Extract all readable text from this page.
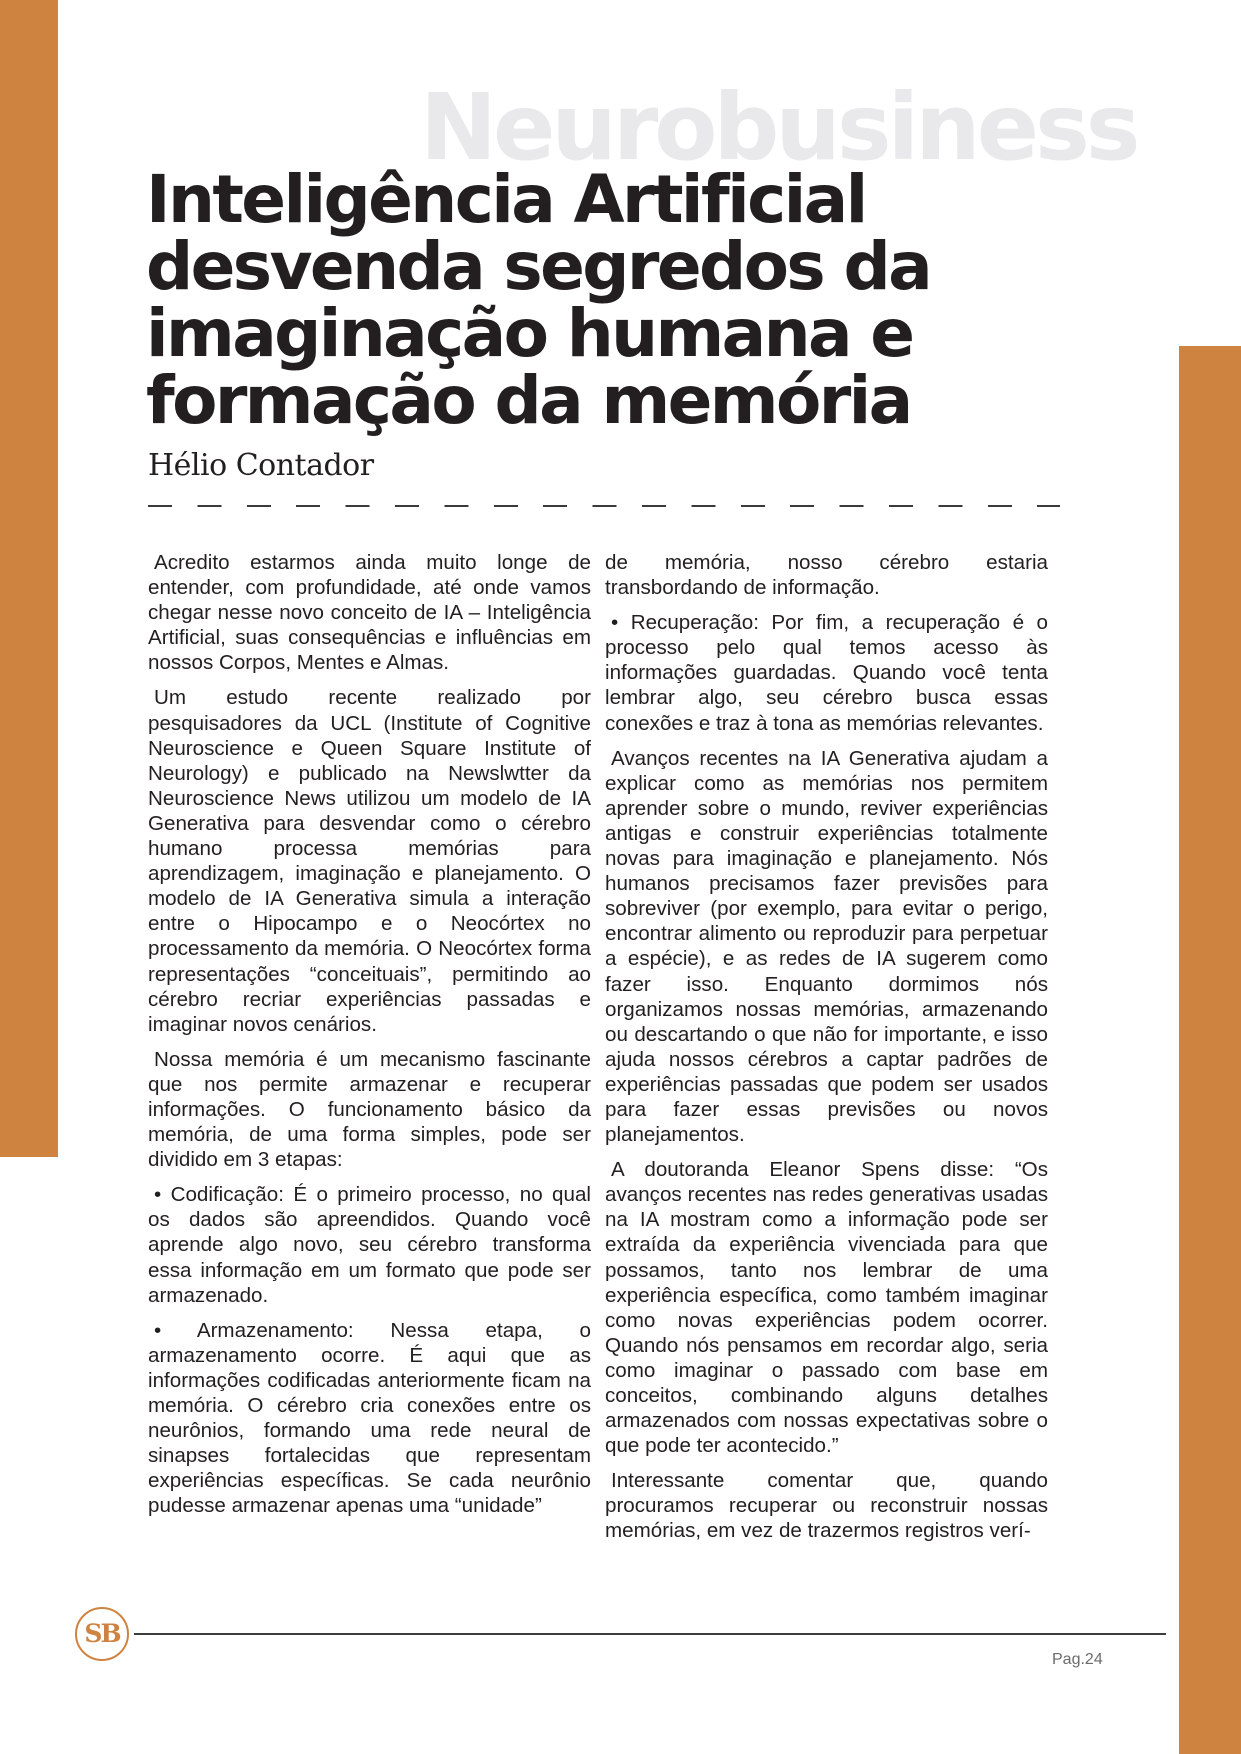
Neurobusiness
Inteligência Artificial
desvenda segredos da
imaginação humana e
formação da memória
Hélio Contador

Acredito estarmos ainda muito longe de entender, com profundidade, até onde vamos chegar nesse novo conceito de IA – Inteligência Artificial, suas consequências e influências em nossos Corpos, Mentes e Almas.

Um estudo recente realizado por pesquisadores da UCL (Institute of Cognitive Neuroscience e Queen Square Institute of Neurology) e publicado na Newslwtter da Neuroscience News utilizou um modelo de IA Generativa para desvendar como o cérebro humano processa memórias para aprendizagem, imaginação e planejamento. O modelo de IA Generativa simula a interação entre o Hipocampo e o Neocórtex no processamento da memória. O Neocórtex forma representações “conceituais”, permitindo ao cérebro recriar experiências passadas e imaginar novos cenários.

Nossa memória é um mecanismo fascinante que nos permite armazenar e recuperar informações. O funcionamento básico da memória, de uma forma simples, pode ser dividido em 3 etapas:

• Codificação: É o primeiro processo, no qual os dados são apreendidos. Quando você aprende algo novo, seu cérebro transforma essa informação em um formato que pode ser armazenado.

• Armazenamento: Nessa etapa, o armazenamento ocorre. É aqui que as informações codificadas anteriormente ficam na memória. O cérebro cria conexões entre os neurônios, formando uma rede neural de sinapses fortalecidas que representam experiências específicas. Se cada neurônio pudesse armazenar apenas uma “unidade”

de memória, nosso cérebro estaria transbordando de informação.

• Recuperação: Por fim, a recuperação é o processo pelo qual temos acesso às informações guardadas. Quando você tenta lembrar algo, seu cérebro busca essas conexões e traz à tona as memórias relevantes.

Avanços recentes na IA Generativa ajudam a explicar como as memórias nos permitem aprender sobre o mundo, reviver experiências antigas e construir experiências totalmente novas para imaginação e planejamento. Nós humanos precisamos fazer previsões para sobreviver (por exemplo, para evitar o perigo, encontrar alimento ou reproduzir para perpetuar a espécie), e as redes de IA sugerem como fazer isso. Enquanto dormimos nós organizamos nossas memórias, armazenando ou descartando o que não for importante, e isso ajuda nossos cérebros a captar padrões de experiências passadas que podem ser usados para fazer essas previsões ou novos planejamentos.

A doutoranda Eleanor Spens disse: “Os avanços recentes nas redes generativas usadas na IA mostram como a informação pode ser extraída da experiência vivenciada para que possamos, tanto nos lembrar de uma experiência específica, como também imaginar como novas experiências podem ocorrer. Quando nós pensamos em recordar algo, seria como imaginar o passado com base em conceitos, combinando alguns detalhes armazenados com nossas expectativas sobre o que pode ter acontecido.”

Interessante comentar que, quando procuramos recuperar ou reconstruir nossas memórias, em vez de trazermos registros verí-

SB
Pag.24
